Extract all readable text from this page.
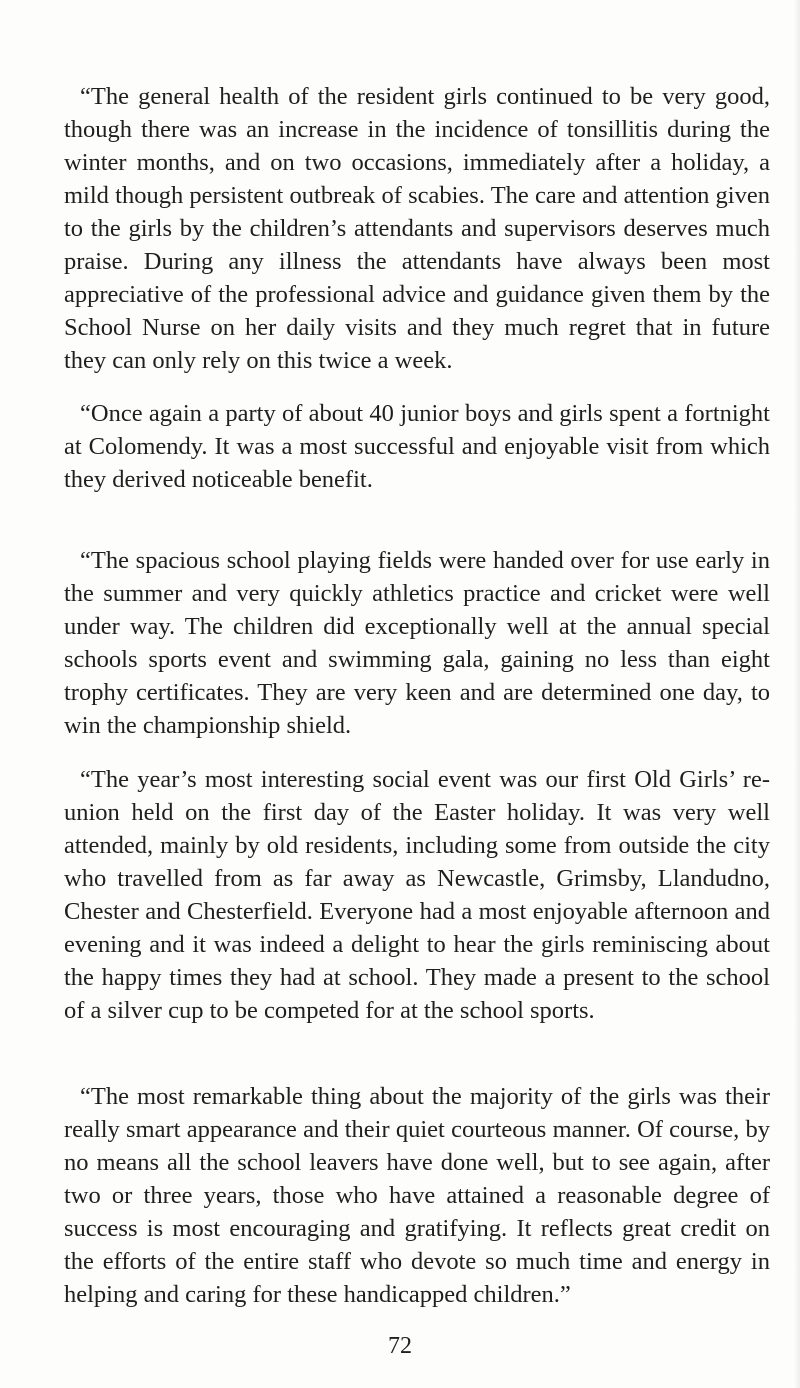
“The general health of the resident girls continued to be very good, though there was an increase in the incidence of tonsillitis during the winter months, and on two occasions, immediately after a holiday, a mild though persistent outbreak of scabies. The care and attention given to the girls by the children’s attendants and supervisors deserves much praise. During any illness the attendants have always been most appreciative of the professional advice and guidance given them by the School Nurse on her daily visits and they much regret that in future they can only rely on this twice a week.

“Once again a party of about 40 junior boys and girls spent a fortnight at Colomendy. It was a most successful and enjoyable visit from which they derived noticeable benefit.

“The spacious school playing fields were handed over for use early in the summer and very quickly athletics practice and cricket were well under way. The children did exceptionally well at the annual special schools sports event and swimming gala, gaining no less than eight trophy certificates. They are very keen and are determined one day, to win the championship shield.

“The year’s most interesting social event was our first Old Girls’ re-union held on the first day of the Easter holiday. It was very well attended, mainly by old residents, including some from outside the city who travelled from as far away as Newcastle, Grimsby, Llandudno, Chester and Chesterfield. Everyone had a most enjoyable afternoon and evening and it was indeed a delight to hear the girls reminiscing about the happy times they had at school. They made a present to the school of a silver cup to be competed for at the school sports.

“The most remarkable thing about the majority of the girls was their really smart appearance and their quiet courteous manner. Of course, by no means all the school leavers have done well, but to see again, after two or three years, those who have attained a reasonable degree of success is most encouraging and gratifying. It reflects great credit on the efforts of the entire staff who devote so much time and energy in helping and caring for these handicapped children.”

72
